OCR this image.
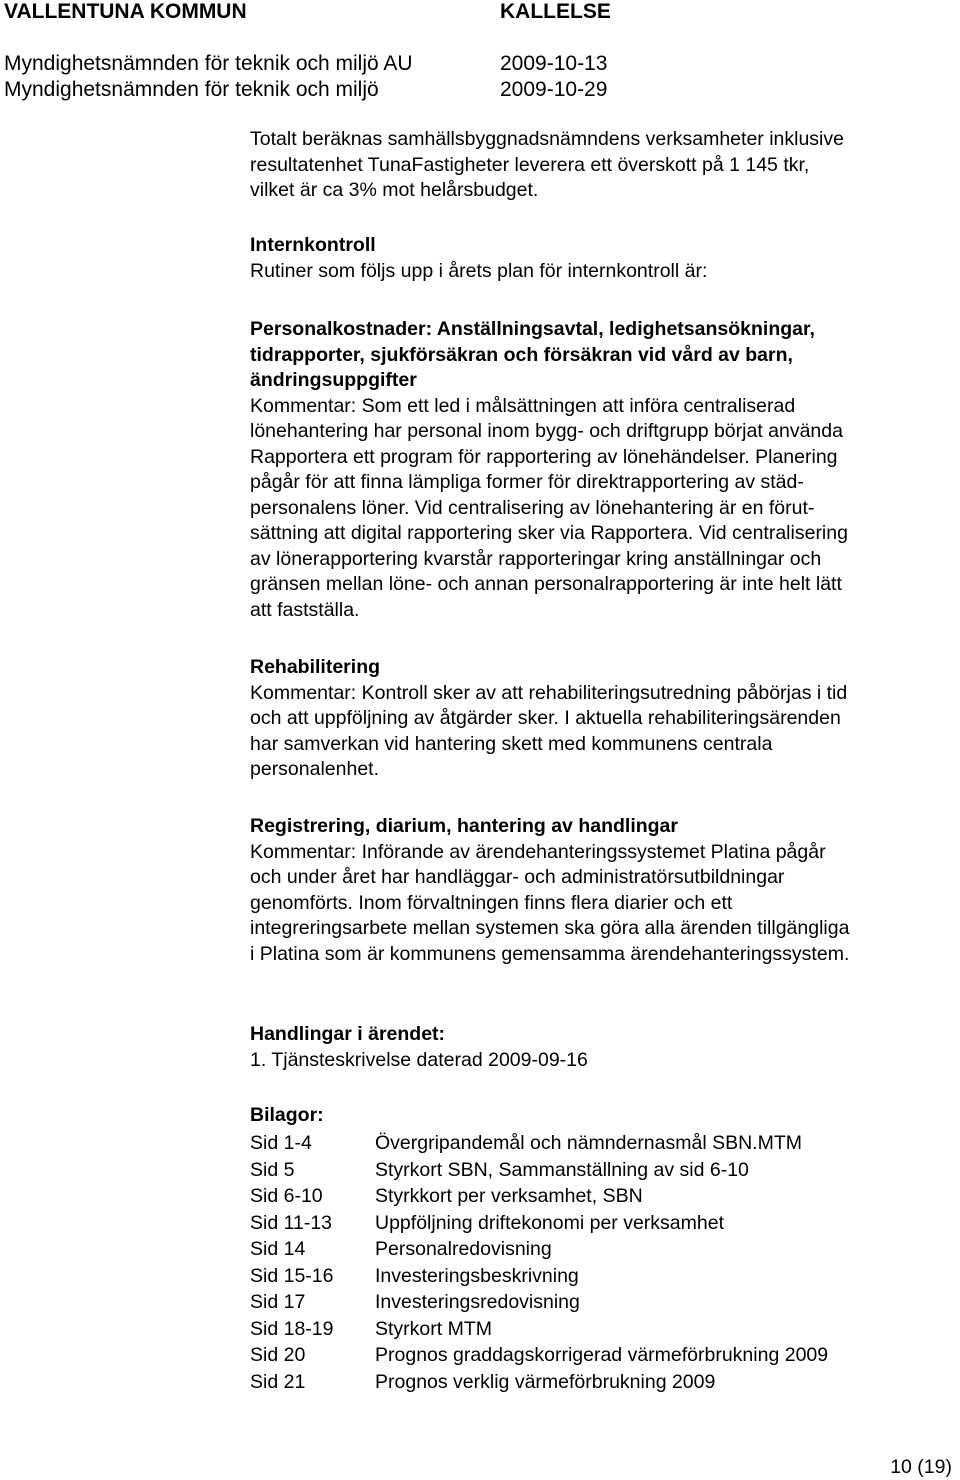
VALLENTUNA KOMMUN	KALLELSE
Myndighetsnämnden för teknik och miljö AU	2009-10-13
Myndighetsnämnden för teknik och miljö	2009-10-29
Totalt beräknas samhällsbyggnadsnämndens verksamheter inklusive
resultatenhet TunaFastigheter leverera ett överskott på 1 145 tkr,
vilket är ca 3% mot helårsbudget.
Internkontroll
Rutiner som följs upp i årets plan för internkontroll är:
Personalkostnader: Anställningsavtal, ledighetsansökningar,
tidrapporter, sjukförsäkran och försäkran vid vård av barn,
ändringsuppgifter
Kommentar: Som ett led i målsättningen att införa centraliserad
lönehantering har personal inom bygg- och driftgrupp börjat använda
Rapportera ett program för rapportering av lönehändelser. Planering
pågår för att finna lämpliga former för direktrapportering av städ-
personalens löner. Vid centralisering av lönehantering är en förut-
sättning att digital rapportering sker via Rapportera. Vid centralisering
av lönerapportering kvarstår rapporteringar kring anställningar och
gränsen mellan löne- och annan personalrapportering är inte helt lätt
att fastställa.
Rehabilitering
Kommentar: Kontroll sker av att rehabiliteringsutredning påbörjas i tid
och att uppföljning av åtgärder sker. I aktuella rehabiliteringsärenden
har samverkan vid hantering skett med kommunens centrala
personalenhet.
Registrering, diarium, hantering av handlingar
Kommentar: Införande av ärendehanteringssystemet Platina pågår
och under året har handläggar- och administratörsutbildningar
genomförts. Inom förvaltningen finns flera diarier och ett
integreringsarbete mellan systemen ska göra alla ärenden tillgängliga
i Platina som är kommunens gemensamma ärendehanteringssystem.
Handlingar i ärendet:
1. Tjänsteskrivelse daterad 2009-09-16
Bilagor:
Sid 1-4	Övergripandemål och nämndernasmål SBN.MTM
Sid 5	Styrkort SBN, Sammanställning av sid 6-10
Sid 6-10	Styrkkort per verksamhet, SBN
Sid 11-13 Uppföljning driftekonomi per verksamhet
Sid 14	Personalredovisning
Sid 15-16 Investeringsbeskrivning
Sid 17	Investeringsredovisning
Sid 18-19 Styrkort MTM
Sid 20	Prognos graddagskorrigerad värmeförbrukning 2009
Sid 21	Prognos verklig värmeförbrukning 2009
10 (19)
